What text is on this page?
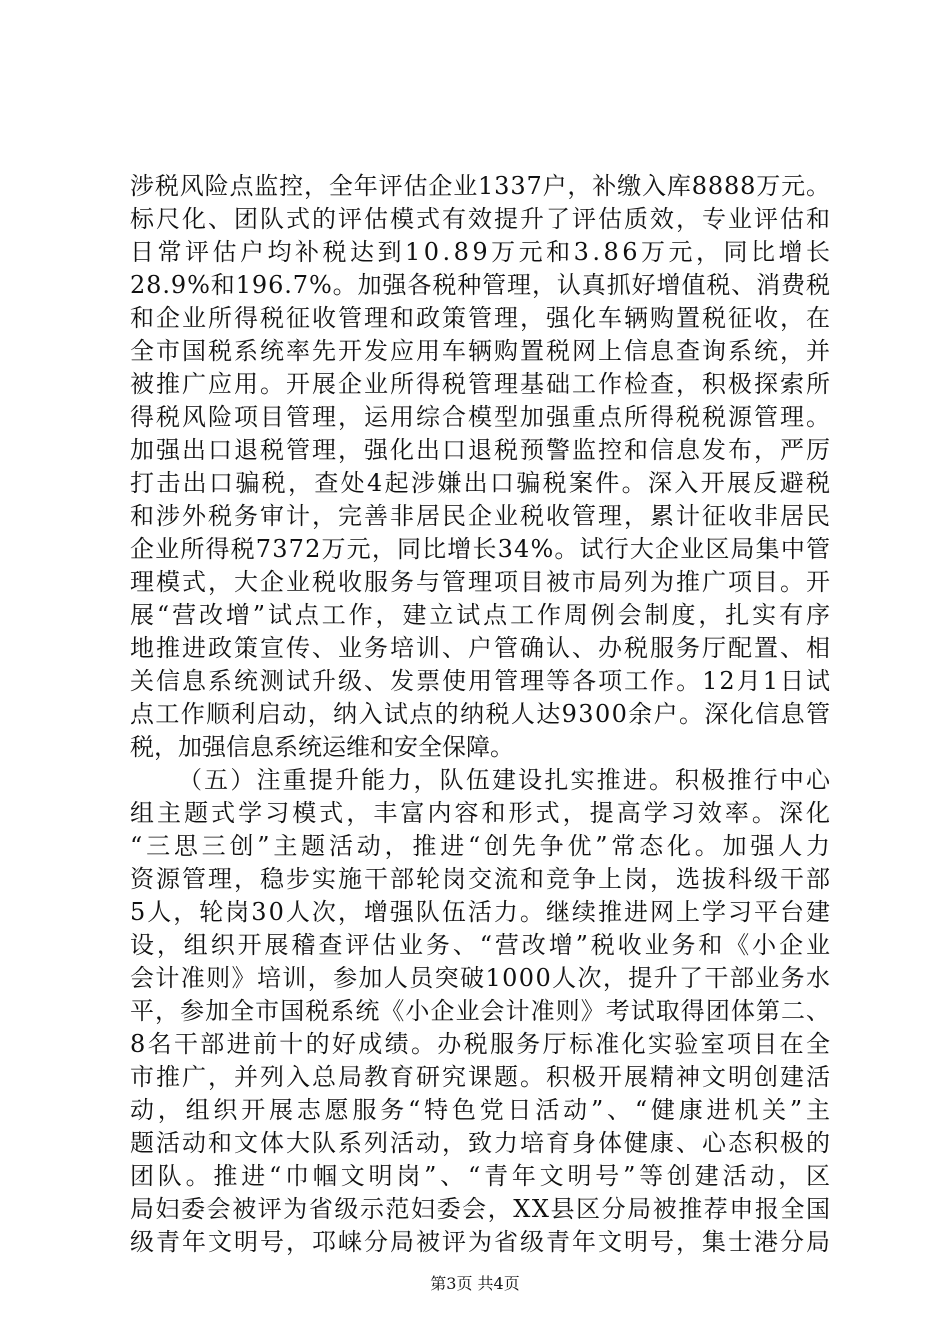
涉税风险点监控，全年评估企业1337户，补缴入库8888万元。
标尺化、团队式的评估模式有效提升了评估质效，专业评估和
日常评估户均补税达到10.89万元和3.86万元，同比增长
28.9%和196.7%。加强各税种管理，认真抓好增值税、消费税
和企业所得税征收管理和政策管理，强化车辆购置税征收，在
全市国税系统率先开发应用车辆购置税网上信息查询系统，并
被推广应用。开展企业所得税管理基础工作检查，积极探索所
得税风险项目管理，运用综合模型加强重点所得税税源管理。
加强出口退税管理，强化出口退税预警监控和信息发布，严厉
打击出口骗税，查处4起涉嫌出口骗税案件。深入开展反避税
和涉外税务审计，完善非居民企业税收管理，累计征收非居民
企业所得税7372万元，同比增长34%。试行大企业区局集中管
理模式，大企业税收服务与管理项目被市局列为推广项目。开
展“营改增”试点工作，建立试点工作周例会制度，扎实有序
地推进政策宣传、业务培训、户管确认、办税服务厅配置、相
关信息系统测试升级、发票使用管理等各项工作。12月1日试
点工作顺利启动，纳入试点的纳税人达9300余户。深化信息管
税，加强信息系统运维和安全保障。
（五）注重提升能力，队伍建设扎实推进。积极推行中心
组主题式学习模式，丰富内容和形式，提高学习效率。深化
“三思三创”主题活动，推进“创先争优”常态化。加强人力
资源管理，稳步实施干部轮岗交流和竞争上岗，选拔科级干部
5人，轮岗30人次，增强队伍活力。继续推进网上学习平台建
设，组织开展稽查评估业务、“营改增”税收业务和《小企业
会计准则》培训，参加人员突破1000人次，提升了干部业务水
平，参加全市国税系统《小企业会计准则》考试取得团体第二、
8名干部进前十的好成绩。办税服务厅标准化实验室项目在全
市推广，并列入总局教育研究课题。积极开展精神文明创建活
动，组织开展志愿服务“特色党日活动”、“健康进机关”主
题活动和文体大队系列活动，致力培育身体健康、心态积极的
团队。推进“巾帼文明岗”、“青年文明号”等创建活动，区
局妇委会被评为省级示范妇委会，XX县区分局被推荐申报全国
级青年文明号，邛崃分局被评为省级青年文明号，集士港分局
第3页 共4页
